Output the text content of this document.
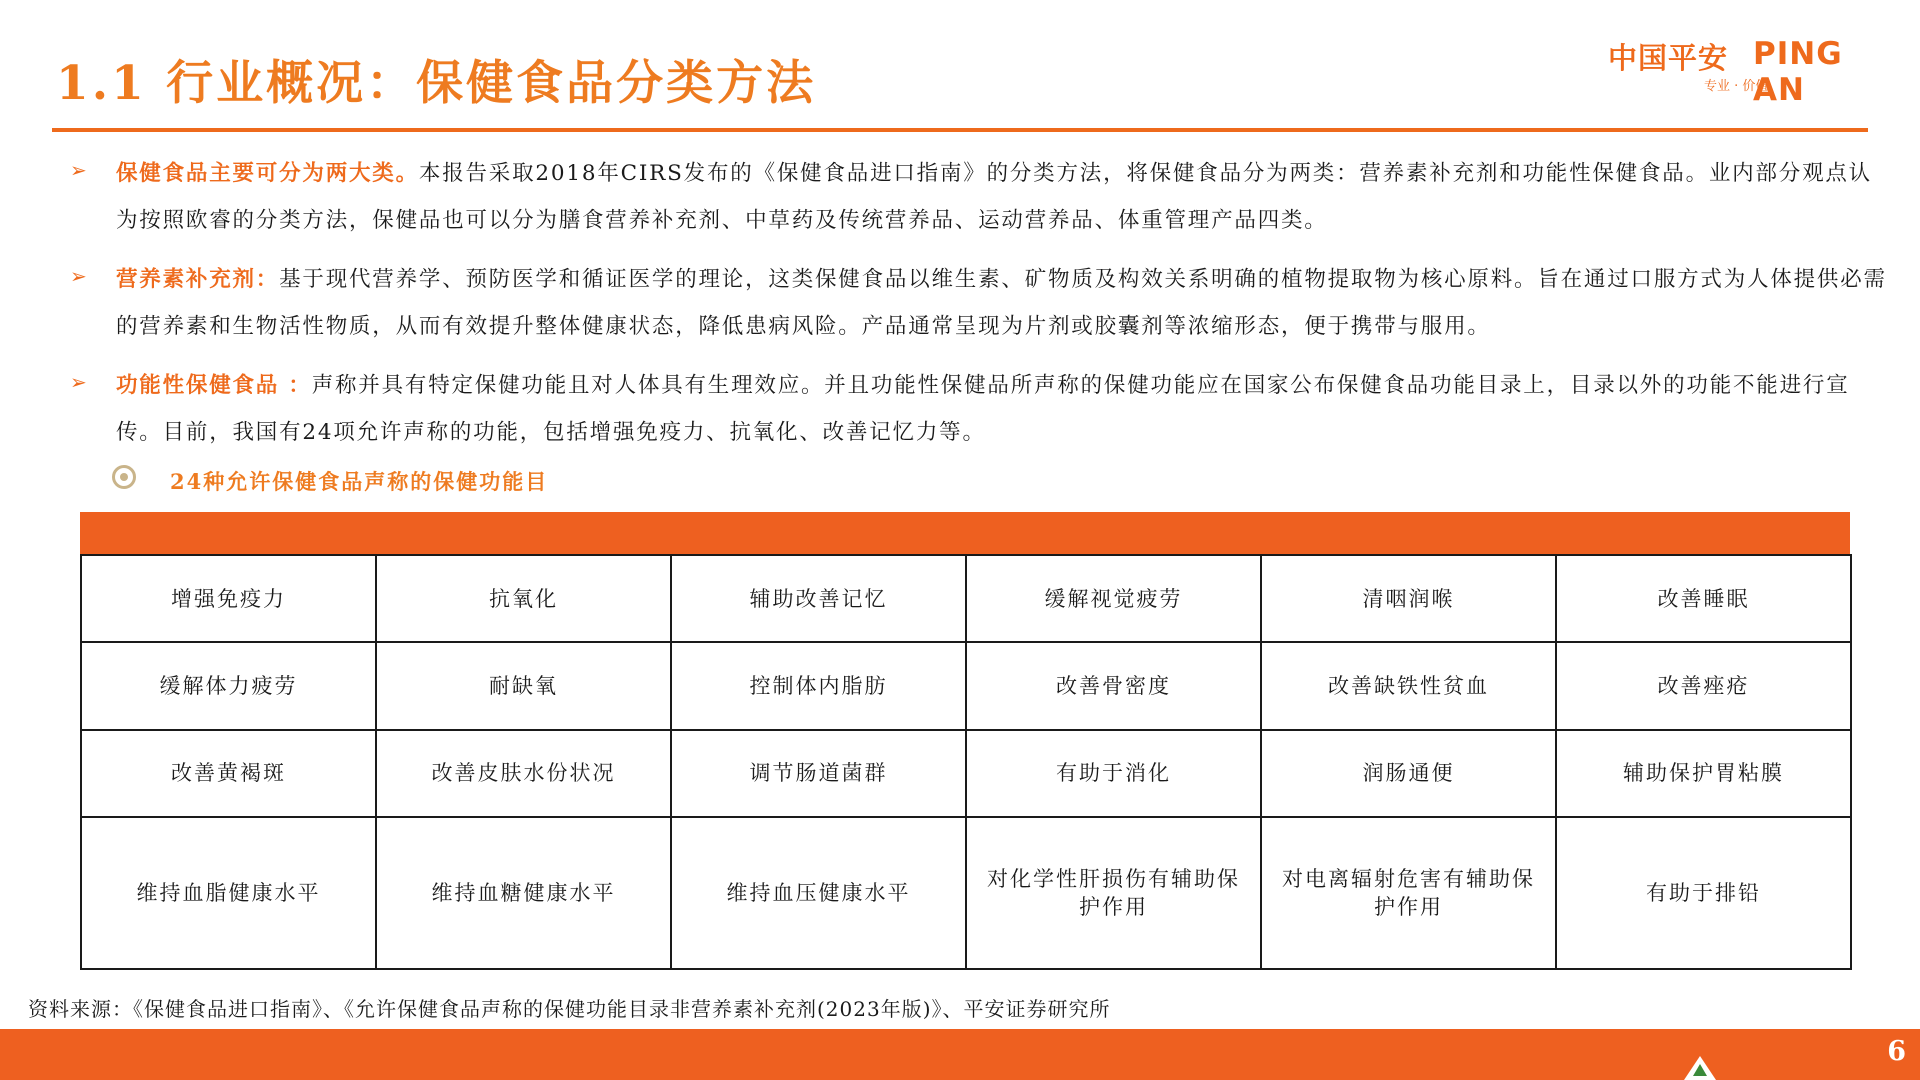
1.1 行业概况：保健食品分类方法	中国平安 PING AN
专业 · 价值
➢ 保健食品主要可分为两大类。本报告采取2018年CIRS发布的《保健食品进口指南》的分类方法，将保健食品分为两类：营养素补充剂和功能性保健食品。业内部分观点认为按照欧睿的分类方法，保健品也可以分为膳食营养补充剂、中草药及传统营养品、运动营养品、体重管理产品四类。

➢ 营养素补充剂：基于现代营养学、预防医学和循证医学的理论，这类保健食品以维生素、矿物质及构效关系明确的植物提取物为核心原料。旨在通过口服方式为人体提供必需的营养素和生物活性物质，从而有效提升整体健康状态，降低患病风险。产品通常呈现为片剂或胶囊剂等浓缩形态，便于携带与服用。

➢ 功能性保健食品 ：声称并具有特定保健功能且对人体具有生理效应。并且功能性保健品所声称的保健功能应在国家公布保健食品功能目录上，目录以外的功能不能进行宣传。目前，我国有24项允许声称的功能，包括增强免疫力、抗氧化、改善记忆力等。

24种允许保健食品声称的保健功能目
增强免疫力	抗氧化	辅助改善记忆	缓解视觉疲劳	清咽润喉	改善睡眠
缓解体力疲劳	耐缺氧	控制体内脂肪	改善骨密度	改善缺铁性贫血	改善痤疮
改善黄褐斑	改善皮肤水份状况	调节肠道菌群	有助于消化	润肠通便	辅助保护胃粘膜
维持血脂健康水平	维持血糖健康水平	维持血压健康水平	对化学性肝损伤有辅助保护作用	对电离辐射危害有辅助保护作用	有助于排铅
资料来源：《保健食品进口指南》、《允许保健食品声称的保健功能目录非营养素补充剂(2023年版)》、平安证券研究所
6
